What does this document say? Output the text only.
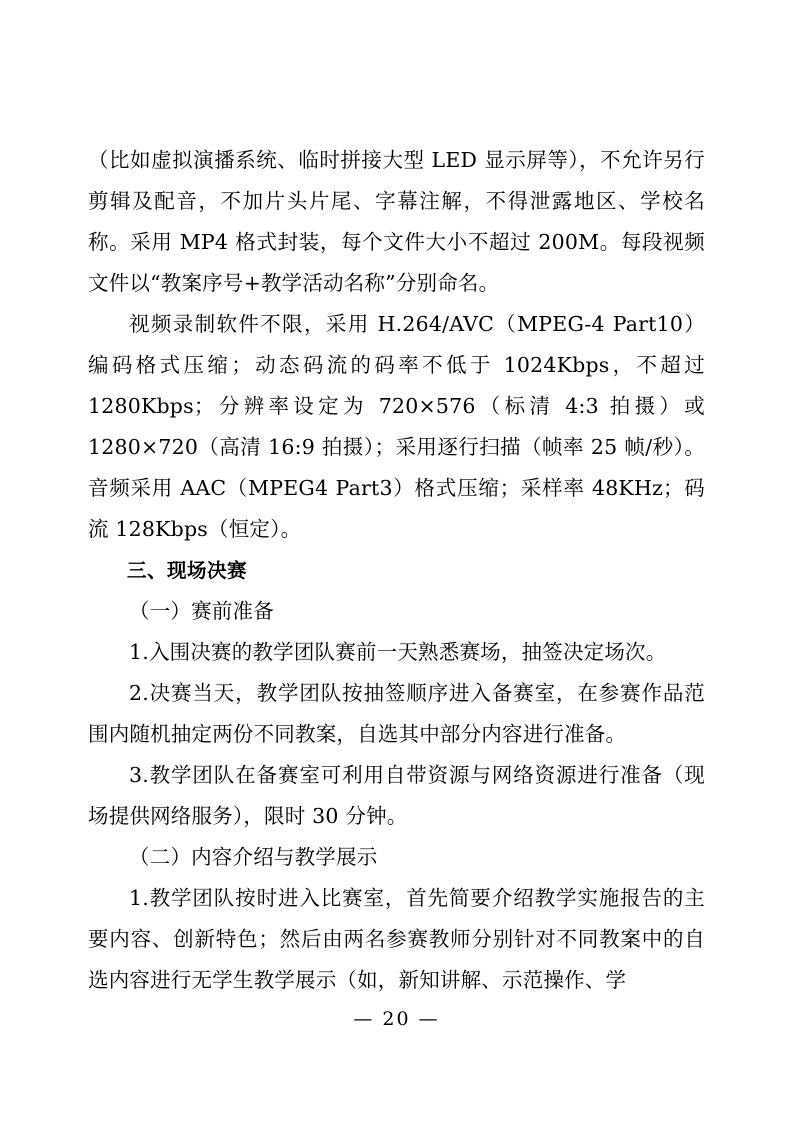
（比如虚拟演播系统、临时拼接大型 LED 显示屏等），不允许另行剪辑及配音，不加片头片尾、字幕注解，不得泄露地区、学校名称。采用 MP4 格式封装，每个文件大小不超过 200M。每段视频文件以“教案序号+教学活动名称”分别命名。

视频录制软件不限，采用 H.264/AVC（MPEG-4 Part10）编码格式压缩；动态码流的码率不低于 1024Kbps，不超过 1280Kbps；分辨率设定为 720×576（标清 4:3 拍摄）或 1280×720（高清 16:9 拍摄）；采用逐行扫描（帧率 25 帧/秒）。音频采用 AAC（MPEG4 Part3）格式压缩；采样率 48KHz；码流 128Kbps（恒定）。

三、现场决赛

（一）赛前准备

1.入围决赛的教学团队赛前一天熟悉赛场，抽签决定场次。

2.决赛当天，教学团队按抽签顺序进入备赛室，在参赛作品范围内随机抽定两份不同教案，自选其中部分内容进行准备。

3.教学团队在备赛室可利用自带资源与网络资源进行准备（现场提供网络服务），限时 30 分钟。

（二）内容介绍与教学展示

1.教学团队按时进入比赛室，首先简要介绍教学实施报告的主要内容、创新特色；然后由两名参赛教师分别针对不同教案中的自选内容进行无学生教学展示（如，新知讲解、示范操作、学

— 20 —
